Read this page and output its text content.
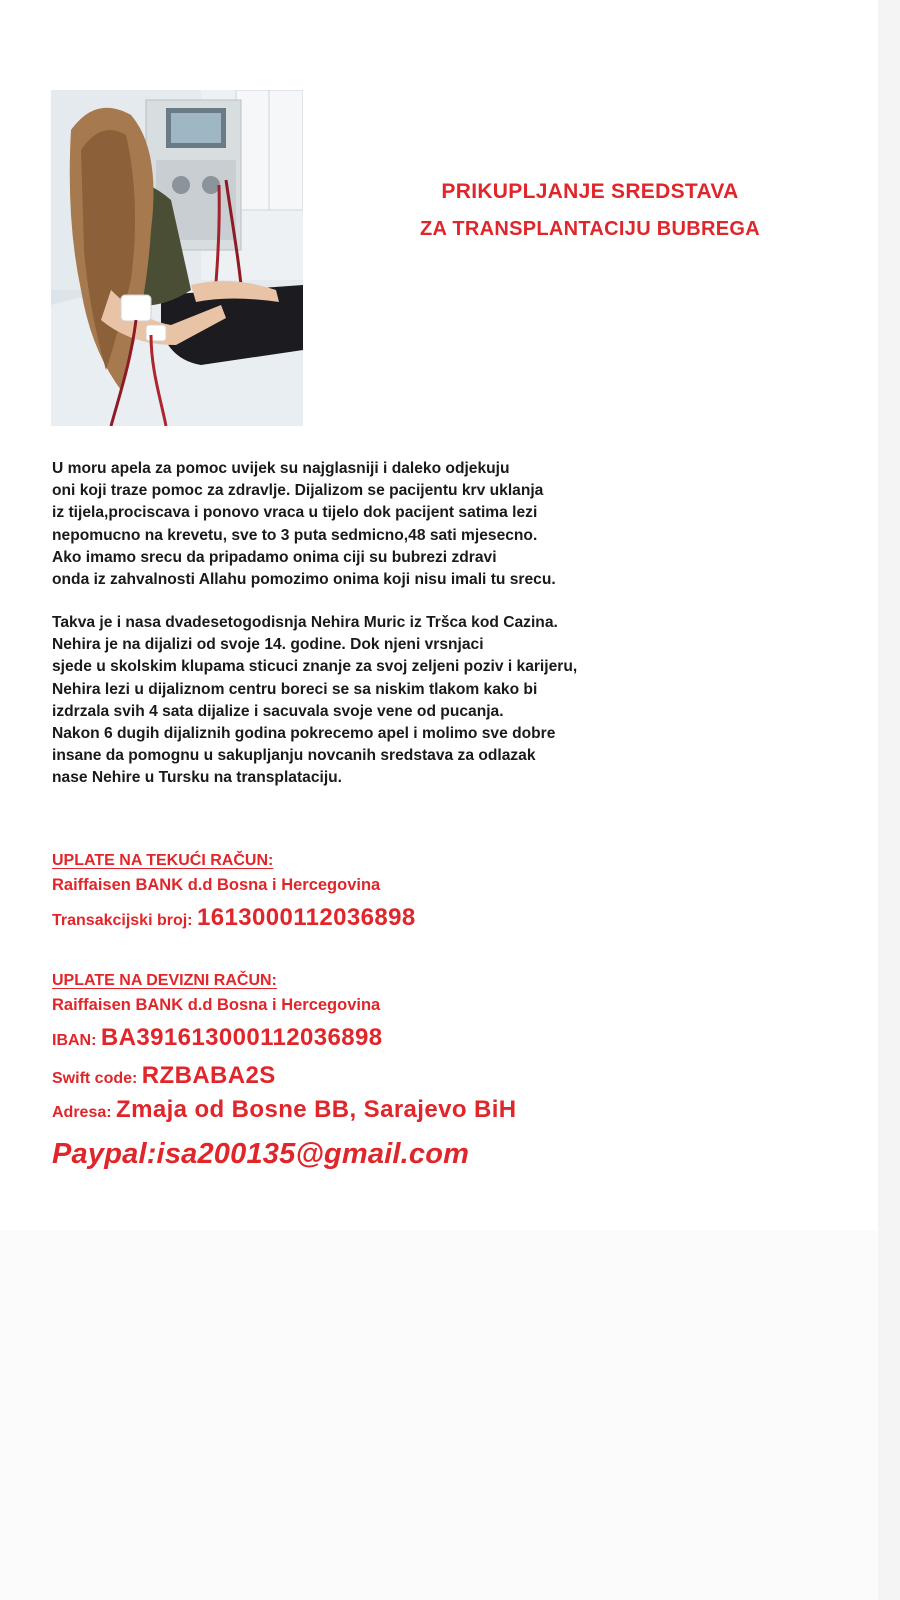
PRIKUPLJANJE SREDSTAVA
ZA TRANSPLANTACIJU BUBREGA
U moru apela za pomoc uvijek su najglasniji i daleko odjekuju
oni koji traze pomoc za zdravlje. Dijalizom se pacijentu krv uklanja
iz tijela,prociscava i ponovo vraca u tijelo dok pacijent satima lezi
nepomucno na krevetu, sve to 3 puta sedmicno,48 sati mjesecno.
Ako imamo srecu da pripadamo onima ciji su bubrezi zdravi
onda iz zahvalnosti Allahu pomozimo onima koji nisu imali tu srecu.
Takva je i nasa dvadesetogodisnja Nehira Muric iz Tršca kod Cazina.
Nehira je na dijalizi od svoje 14. godine. Dok njeni vrsnjaci
sjede u skolskim klupama sticuci znanje za svoj zeljeni poziv i karijeru,
Nehira lezi u dijaliznom centru boreci se sa niskim tlakom kako bi
izdrzala svih 4 sata dijalize i sacuvala svoje vene od pucanja.
Nakon 6 dugih dijaliznih godina pokrecemo apel i molimo sve dobre
insane da pomognu u sakupljanju novcanih sredstava za odlazak
nase Nehire u Tursku na transplataciju.
UPLATE NA TEKUĆI RAČUN:
Raiffaisen BANK d.d Bosna i Hercegovina
Transakcijski broj: 1613000112036898
UPLATE NA DEVIZNI RAČUN:
Raiffaisen BANK d.d Bosna i Hercegovina
IBAN: BA391613000112036898
Swift code: RZBABA2S
Adresa: Zmaja od Bosne BB, Sarajevo BiH
Paypal:isa200135@gmail.com
